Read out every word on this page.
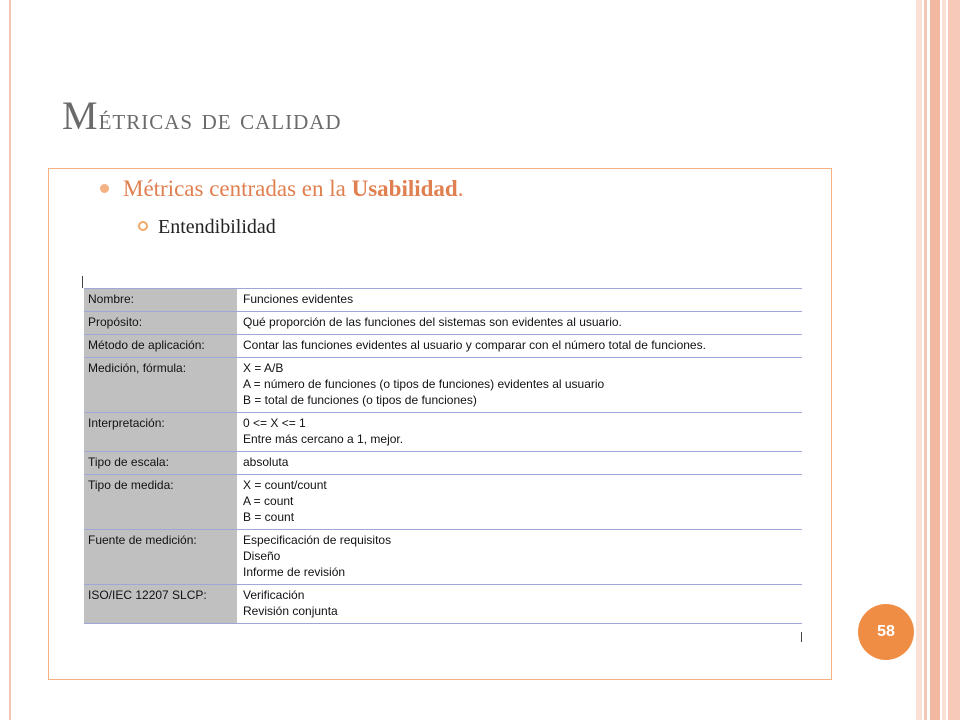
Métricas de calidad
Métricas centradas en la Usabilidad.
Entendibilidad
Nombre:	Funciones evidentes

Propósito:	Qué proporción de las funciones del sistemas son evidentes al usuario.

Método de aplicación:	Contar las funciones evidentes al usuario y comparar con el número total de funciones.

Medición, fórmula:	X = A/B
A = número de funciones (o tipos de funciones) evidentes al usuario
B = total de funciones (o tipos de funciones)

Interpretación:	0 <= X <= 1
Entre más cercano a 1, mejor.

Tipo de escala:	absoluta

Tipo de medida:	X = count/count
A = count
B = count

Fuente de medición:	Especificación de requisitos
Diseño
Informe de revisión

ISO/IEC 12207 SLCP:	Verificación
Revisión conjunta
58
